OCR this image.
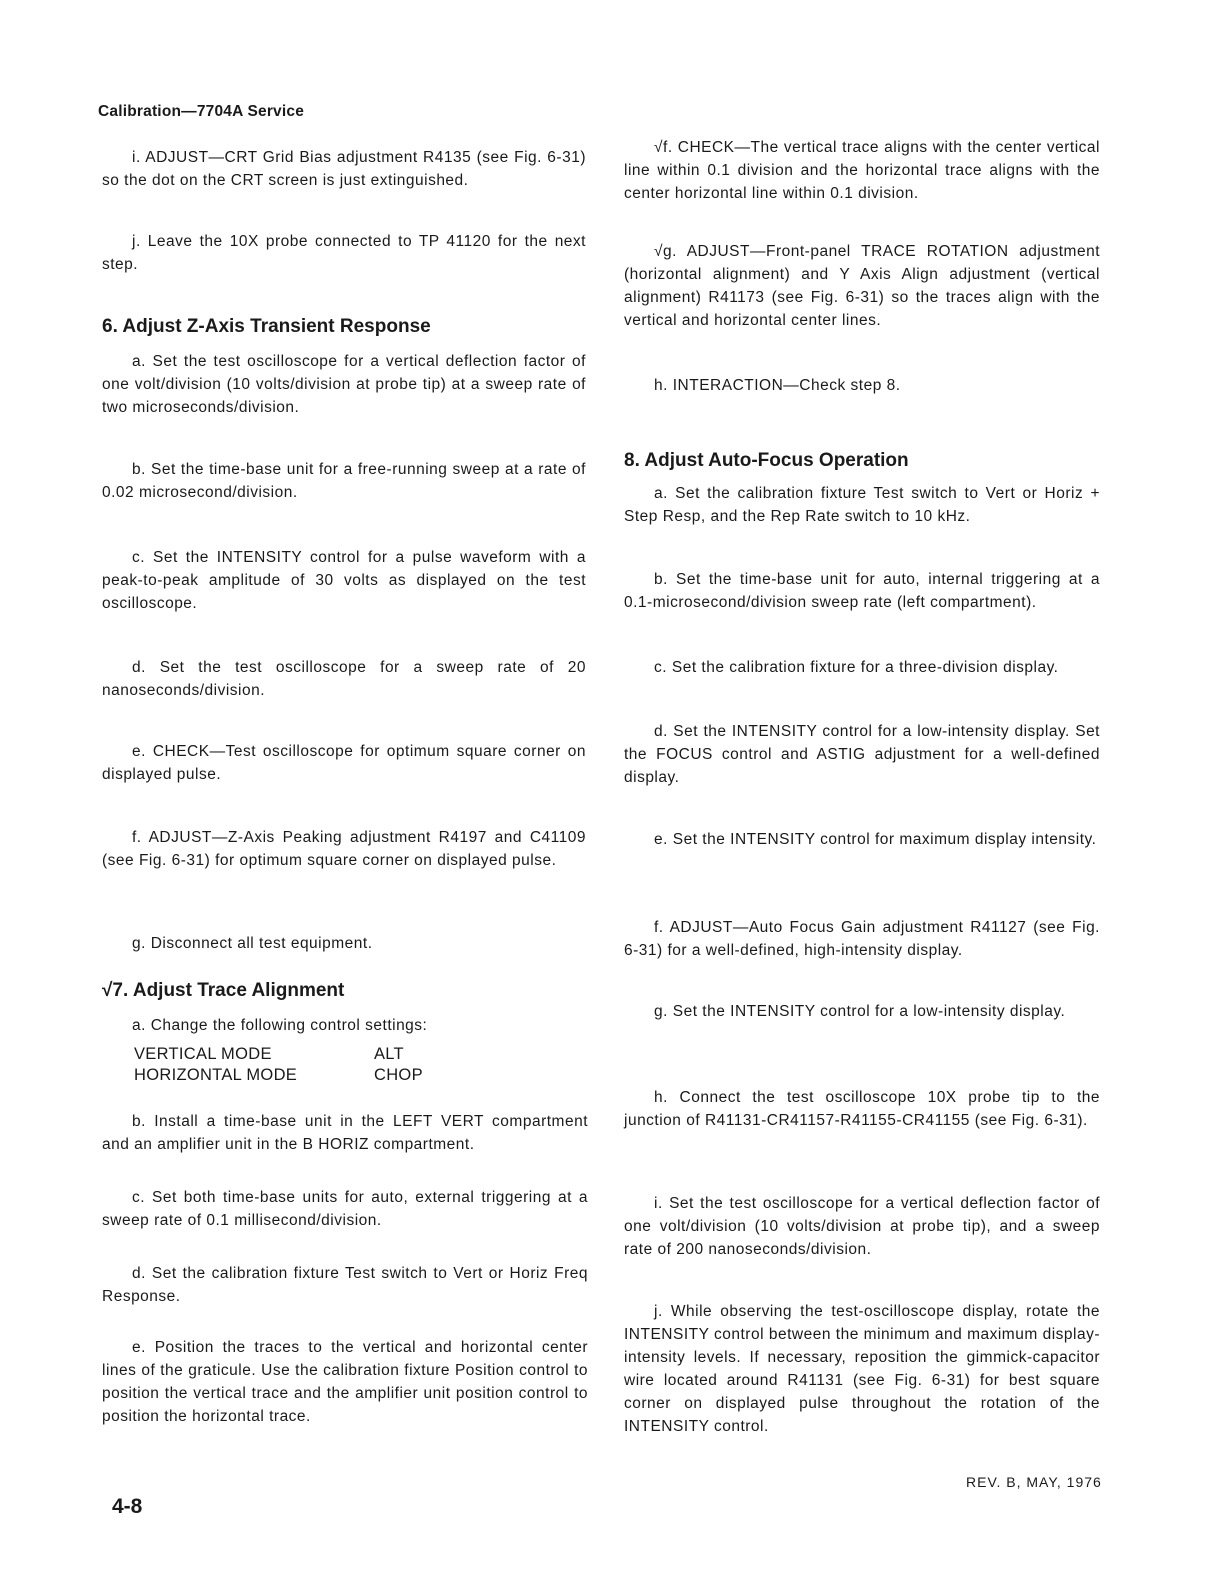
Calibration—7704A Service

i. ADJUST—CRT Grid Bias adjustment R4135 (see Fig. 6-31) so the dot on the CRT screen is just extinguished.

j. Leave the 10X probe connected to TP 41120 for the next step.

6. Adjust Z-Axis Transient Response

a. Set the test oscilloscope for a vertical deflection factor of one volt/division (10 volts/division at probe tip) at a sweep rate of two microseconds/division.

b. Set the time-base unit for a free-running sweep at a rate of 0.02 microsecond/division.

c. Set the INTENSITY control for a pulse waveform with a peak-to-peak amplitude of 30 volts as displayed on the test oscilloscope.

d. Set the test oscilloscope for a sweep rate of 20 nanoseconds/division.

e. CHECK—Test oscilloscope for optimum square corner on displayed pulse.

f. ADJUST—Z-Axis Peaking adjustment R4197 and C41109 (see Fig. 6-31) for optimum square corner on displayed pulse.

g. Disconnect all test equipment.

√7. Adjust Trace Alignment

a. Change the following control settings:

VERTICAL MODE	ALT
HORIZONTAL MODE	CHOP

b. Install a time-base unit in the LEFT VERT compartment and an amplifier unit in the B HORIZ compartment.

c. Set both time-base units for auto, external triggering at a sweep rate of 0.1 millisecond/division.

d. Set the calibration fixture Test switch to Vert or Horiz Freq Response.

e. Position the traces to the vertical and horizontal center lines of the graticule. Use the calibration fixture Position control to position the vertical trace and the amplifier unit position control to position the horizontal trace.

√f. CHECK—The vertical trace aligns with the center vertical line within 0.1 division and the horizontal trace aligns with the center horizontal line within 0.1 division.

√g. ADJUST—Front-panel TRACE ROTATION adjustment (horizontal alignment) and Y Axis Align adjustment (vertical alignment) R41173 (see Fig. 6-31) so the traces align with the vertical and horizontal center lines.

h. INTERACTION—Check step 8.

8. Adjust Auto-Focus Operation

a. Set the calibration fixture Test switch to Vert or Horiz + Step Resp, and the Rep Rate switch to 10 kHz.

b. Set the time-base unit for auto, internal triggering at a 0.1-microsecond/division sweep rate (left compartment).

c. Set the calibration fixture for a three-division display.

d. Set the INTENSITY control for a low-intensity display. Set the FOCUS control and ASTIG adjustment for a well-defined display.

e. Set the INTENSITY control for maximum display intensity.

f. ADJUST—Auto Focus Gain adjustment R41127 (see Fig. 6-31) for a well-defined, high-intensity display.

g. Set the INTENSITY control for a low-intensity display.

h. Connect the test oscilloscope 10X probe tip to the junction of R41131-CR41157-R41155-CR41155 (see Fig. 6-31).

i. Set the test oscilloscope for a vertical deflection factor of one volt/division (10 volts/division at probe tip), and a sweep rate of 200 nanoseconds/division.

j. While observing the test-oscilloscope display, rotate the INTENSITY control between the minimum and maximum display-intensity levels. If necessary, reposition the gimmick-capacitor wire located around R41131 (see Fig. 6-31) for best square corner on displayed pulse throughout the rotation of the INTENSITY control.

REV. B, MAY, 1976
4-8
